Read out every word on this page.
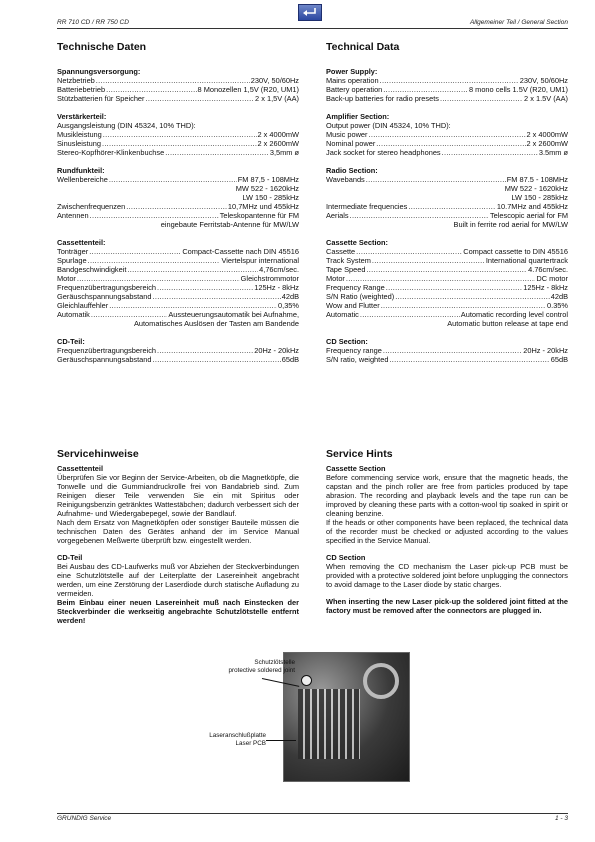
RR 710 CD / RR 750 CD	Allgemeiner Teil / General Section
Technische Daten
Spannungsversorgung:
Netzbetrieb .....	230V, 50/60Hz
Batteriebetrieb .....	8 Monozellen 1,5V (R20, UM1)
Stützbatterien für Speicher .....	2 x 1,5V (AA)
Verstärkerteil:
Ausgangsleistung (DIN 45324, 10% THD):
Musikleistung .....	2 x 4000mW
Sinusleistung .....	2 x 2600mW
Stereo-Kopfhörer-Klinkenbuchse .....	3,5mm ø
Rundfunkteil:
Wellenbereiche .....	FM 87,5 - 108MHz
MW 522 - 1620kHz
LW 150 - 285kHz
Zwischenfrequenzen .....	10,7MHz und 455kHz
Antennen .....	Teleskopantenne für FM
eingebaute Ferritstab-Antenne für MW/LW
Cassettenteil:
Tonträger .....	Compact-Cassette nach DIN 45516
Spurlage .....	Viertelspur international
Bandgeschwindigkeit .....	4,76cm/sec.
Motor .....	Gleichstrommotor
Frequenzübertragungsbereich .....	125Hz - 8kHz
Geräuschspannungsabstand .....	42dB
Gleichlauffehler .....	0,35%
Automatik .....	Aussteuerungsautomatik bei Aufnahme,
Automatisches Auslösen der Tasten am Bandende
CD-Teil:
Frequenzübertragungsbereich .....	20Hz - 20kHz
Geräuschspannungsabstand .....	65dB
Technical Data
Power Supply:
Mains operation .....	230V, 50/60Hz
Battery operation .....	8 mono cells 1.5V (R20, UM1)
Back-up batteries for radio presets .....	2 x 1.5V (AA)
Amplifier Section:
Output power (DIN 45324, 10% THD):
Music power .....	2 x 4000mW
Nominal power .....	2 x 2600mW
Jack socket for stereo headphones .....	3.5mm ø
Radio Section:
Wavebands .....	FM 87.5 - 108MHz
MW 522 - 1620kHz
LW 150 - 285kHz
Intermediate frequencies .....	10.7MHz and 455kHz
Aerials .....	Telescopic aerial for FM
Built in ferrite rod aerial for MW/LW
Cassette Section:
Cassette .....	Compact cassette to DIN 45516
Track System .....	International quartertrack
Tape Speed .....	4.76cm/sec.
Motor .....	DC motor
Frequency Range .....	125Hz - 8kHz
S/N Ratio (weighted) .....	42dB
Wow and Flutter .....	0.35%
Automatic .....	Automatic recording level control
Automatic button release at tape end
CD Section:
Frequency range .....	20Hz - 20kHz
S/N ratio, weighted .....	65dB
Servicehinweise
Cassettenteil

Überprüfen Sie vor Beginn der Service-Arbeiten, ob die Magnetköpfe, die Tonwelle und die Gummiandruckrolle frei von Bandabrieb sind. Zum Reinigen dieser Teile verwenden Sie ein mit Spiritus oder Reinigungsbenzin getränktes Wattestäbchen; dadurch verbessert sich der Aufnahme- und Wiedergabepegel, sowie der Bandlauf.

Nach dem Ersatz von Magnetköpfen oder sonstiger Bauteile müssen die technischen Daten des Gerätes anhand der im Service Manual vorgegebenen Meßwerte überprüft bzw. eingestellt werden.

CD-Teil

Bei Ausbau des CD-Laufwerks muß vor Abziehen der Steckverbindungen eine Schutzlötstelle auf der Leiterplatte der Lasereinheit angebracht werden, um eine Zerstörung der Laserdiode durch statische Aufladung zu vermeiden.

Beim Einbau einer neuen Lasereinheit muß nach Einstecken der Steckverbinder die werkseitig angebrachte Schutzlötstelle entfernt werden!

Service Hints
Cassette Section

Before commencing service work, ensure that the magnetic heads, the capstan and the pinch roller are free from particles produced by tape abrasion. The recording and playback levels and the tape run can be improved by cleaning these parts with a cotton-wool tip soaked in spirit or cleaning benzine.

If the heads or other components have been replaced, the technical data of the recorder must be checked or adjusted according to the values specified in the Service Manual.

CD Section

When removing the CD mechanism the Laser pick-up PCB must be provided with a protective soldered joint before unplugging the connectors to avoid damage to the Laser diode by static charges.

When inserting the new Laser pick-up the soldered joint fitted at the factory must be removed after the connectors are plugged in.

Schutzlötstelle
protective soldered joint
Laseranschlußplatte
Laser PCB
GRUNDIG Service	1 - 3
